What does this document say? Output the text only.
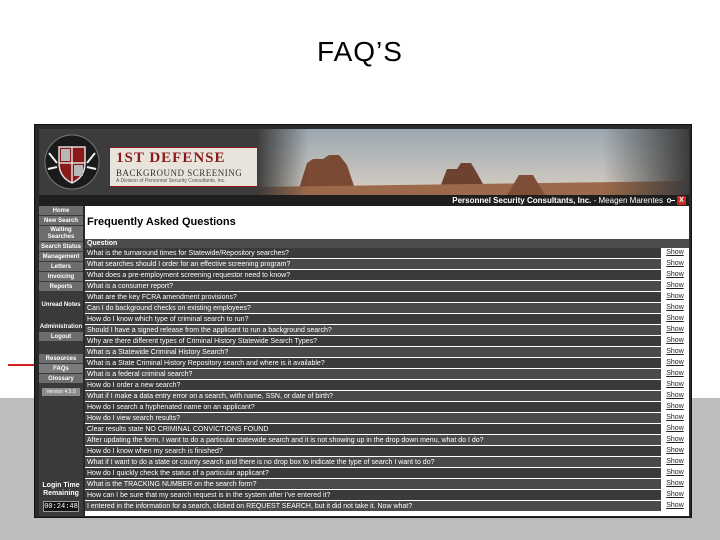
FAQ’S
1ST DEFENSE
BACKGROUND SCREENING
A Division of Personnel Security Consultants, Inc.
Personnel Security Consultants, Inc. - Meagen Marentes	X
Home
New Search
Waiting Searches
Search Status
Management
Letters
Invoicing
Reports
Unread Notes
Administration
Logout
Resources
FAQs
Glossary
Version 4.5.0
Login Time Remaining
00:24:48
Frequently Asked Questions
Question
What is the turnaround times for Statewide/Repository searches?	Show
What searches should I order for an effective screening program?	Show
What does a pre-employment screening requestor need to know?	Show
What is a consumer report?	Show
What are the key FCRA amendment provisions?	Show
Can I do background checks on existing employees?	Show
How do I know which type of criminal search to run?	Show
Should I have a signed release from the applicant to run a background search?	Show
Why are there different types of Criminal History Statewide Search Types?	Show
What is a Statewide Criminal History Search?	Show
What is a State Criminal History Repository search and where is it available?	Show
What is a federal criminal search?	Show
How do I order a new search?	Show
What if I make a data entry error on a search, with name, SSN, or date of birth?	Show
How do I search a hyphenated name on an applicant?	Show
How do I view search results?	Show
Clear results state NO CRIMINAL CONVICTIONS FOUND	Show
After updating the form, I want to do a particular statewide search and it is not showing up in the drop down menu, what do I do?	Show
How do I know when my search is finished?	Show
What if I want to do a state or county search and there is no drop box to indicate the type of search I want to do?	Show
How do I quickly check the status of a particular applicant?	Show
What is the TRACKING NUMBER on the search form?	Show
How can I be sure that my search request is in the system after I've entered it?	Show
I entered in the information for a search, clicked on REQUEST SEARCH, but it did not take it. Now what?	Show
